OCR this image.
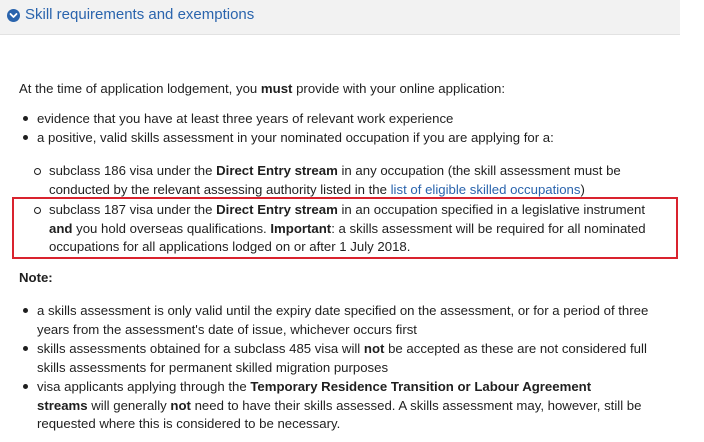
Skill requirements and exemptions
At the time of application lodgement, you must provide with your online application:
evidence that you have at least three years of relevant work experience
a positive, valid skills assessment in your nominated occupation if you are applying for a:
subclass 186 visa under the Direct Entry stream in any occupation (the skill assessment must be
conducted by the relevant assessing authority listed in the list of eligible skilled occupations)
subclass 187 visa under the Direct Entry stream in an occupation specified in a legislative instrument
and you hold overseas qualifications. Important: a skills assessment will be required for all nominated
occupations for all applications lodged on or after 1 July 2018.
Note:
a skills assessment is only valid until the expiry date specified on the assessment, or for a period of three
years from the assessment's date of issue, whichever occurs first
skills assessments obtained for a subclass 485 visa will not be accepted as these are not considered full
skills assessments for permanent skilled migration purposes
visa applicants applying through the Temporary Residence Transition or Labour Agreement
streams will generally not need to have their skills assessed. A skills assessment may, however, still be
requested where this is considered to be necessary.
